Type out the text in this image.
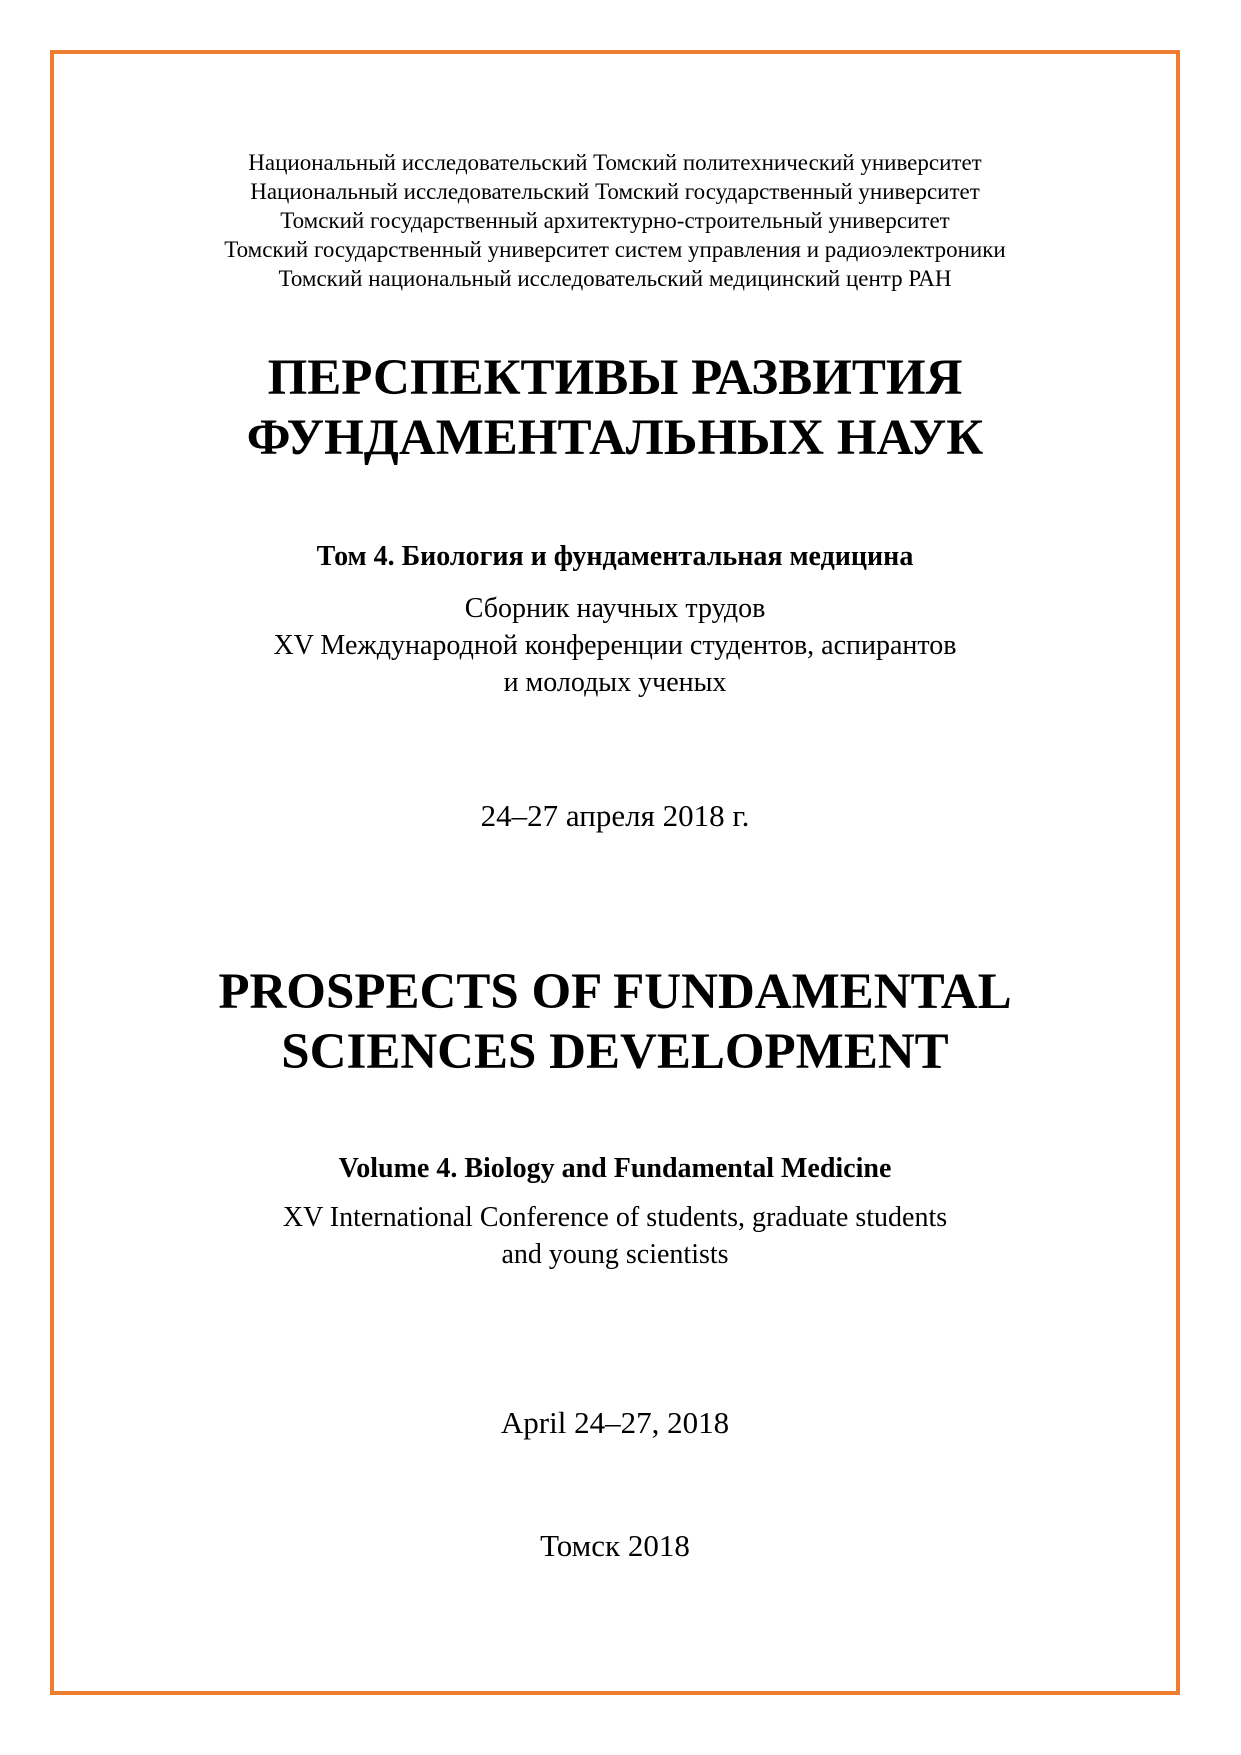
Национальный исследовательский Томский политехнический университет
Национальный исследовательский Томский государственный университет
Томский государственный архитектурно-строительный университет
Томский государственный университет систем управления и радиоэлектроники
Томский национальный исследовательский медицинский центр РАН
ПЕРСПЕКТИВЫ РАЗВИТИЯ
ФУНДАМЕНТАЛЬНЫХ НАУК
Том 4. Биология и фундаментальная медицина
Сборник научных трудов
XV Международной конференции студентов, аспирантов
и молодых ученых
24–27 апреля 2018 г.
PROSPECTS OF FUNDAMENTAL
SCIENCES DEVELOPMENT
Volume 4. Biology and Fundamental Medicine
XV International Conference of students, graduate students
and young scientists
April 24–27, 2018
Томск 2018
